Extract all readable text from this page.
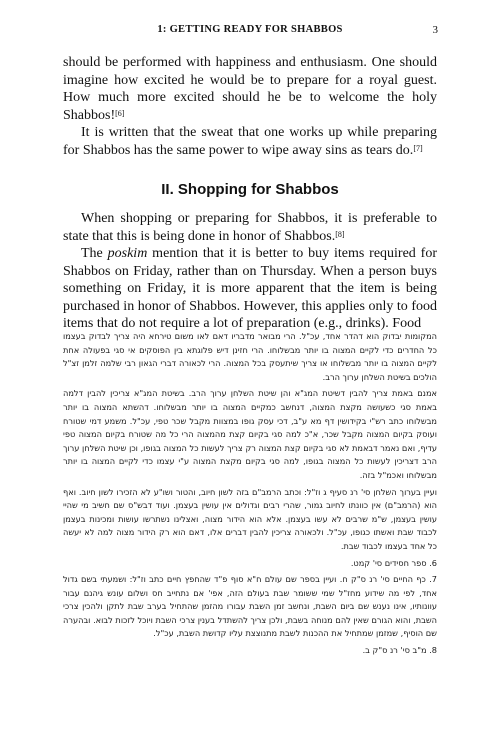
1: GETTING READY FOR SHABBOS	3

should be performed with happiness and enthusiasm. One should imagine how excited he would be to prepare for a royal guest. How much more excited should he be to welcome the holy Shabbos![6]

It is written that the sweat that one works up while preparing for Shabbos has the same power to wipe away sins as tears do.[7]

II. Shopping for Shabbos

When shopping or preparing for Shabbos, it is preferable to state that this is being done in honor of Shabbos.[8]

The poskim mention that it is better to buy items required for Shabbos on Friday, rather than on Thursday. When a person buys something on Friday, it is more apparent that the item is being purchased in honor of Shabbos. However, this applies only to food items that do not require a lot of preparation (e.g., drinks). Food

המקומות יבדוק הוא דהדר אחד, עכ"ל. הרי מבואר מדבריו דאם לאו משום טירחא היה צריך לבדוק בעצמו כל החדרים כדי לקיים המצוה בו יותר מבשלוחו. הרי חזינן דיש פלוגתא בין הפוסקים אי סגי בפעולה אחת לקיים המצוה בו יותר מבשלוחו או צריך שיתעסק בכל המצוה. הרי לכאורה דברי הגאון רבי שלמה זלמן זצ"ל הולכים בשיטת השלחן ערוך הרב.

אמנם באמת צריך להבין דשיטת המג"א והן שיטת השלחן ערוך הרב. בשיטת המג"א צריכין להבין דלמה באמת סגי כשעושה מקצת המצוה, דנחשב כמקיים המצוה בו יותר מבשלוחו. דהשתא המצוה בו יותר מבשלוחו כתב רש"י בקידושין דף מא ע"ב, דכי עסק גופו במצוות מקבל שכר טפי, עכ"ל. משמע דמי שטורח ועוסק בקיום המצוה מקבל שכר, א"כ למה סגי בקיום קצת מהמצוה הרי כל מה שטורח בקיום המצוה טפי עדיף, ואם נאמר דבאמת לא סגי בקיום קצת המצוה רק צריך לעשות כל המצוה בגופו, וכן שיטת השלחן ערוך הרב דצריכין לעשות כל המצוה בגופו, למה סגי בקיום מקצת המצוה ע"י עצמו כדי לקיים המצוה בו יותר מבשלוחו ואכמ"ל בזה.

ועיין בערוך השלחן סי' רנ סעיף ג וז"ל: וכתב הרמב"ם בזה לשון חיוב, והטור ושו"ע לא הזכירו לשון חיוב. ואף הוא (הרמב"ם) אין כוונתו לחיוב גמור, שהרי רבים וגדולים אין עושין בעצמן. ועוד דבש"ס שם חשיב מי שהיי עושין בעצמן, ש"מ שרבים לא עשו בעצמן. אלא הוא הידור מצוה, ואצלינו נשתרשו עושות ומכינות בעצמן לכבוד שבת ואשתו כגופו, עכ"ל. ולכאורה צריכין להבין דברים אלו, דאם הוא רק הידור מצוה למה לא יעשה כל אחד בעצמו לכבוד שבת.

6. ספר חסידים סי' קמט.

7. כף החיים סי' רנ ס"ק ח. ועיין בספר שם עולם ח"א סוף פ"ד שהחפץ חיים כתב וז"ל: ושמעתי בשם גדול אחד, לפי מה שידוע מחז"ל שמי ששומר שבת בעולם הזה, אפי' אם נתחייב חס ושלום עונש גיהנם עבור עוונותיו, אינו נענש שם ביום השבת, ונחשב זמן השבת עבורו מהזמן שהתחיל בערב שבת לתקן ולהכין צרכי השבת, והוא הגורם שאין להם מנוחה בשבת, ולכן צריך להשתדל בענין צרכי השבת ויוכל לזכות לבוא. ובהערה שם הוסיף, שמזמן שמתחיל את ההכנות לשבת מתנוצצת עליו קדושת השבת, עכ"ל.

8. מ"ב סי' רנ ס"ק ב.
